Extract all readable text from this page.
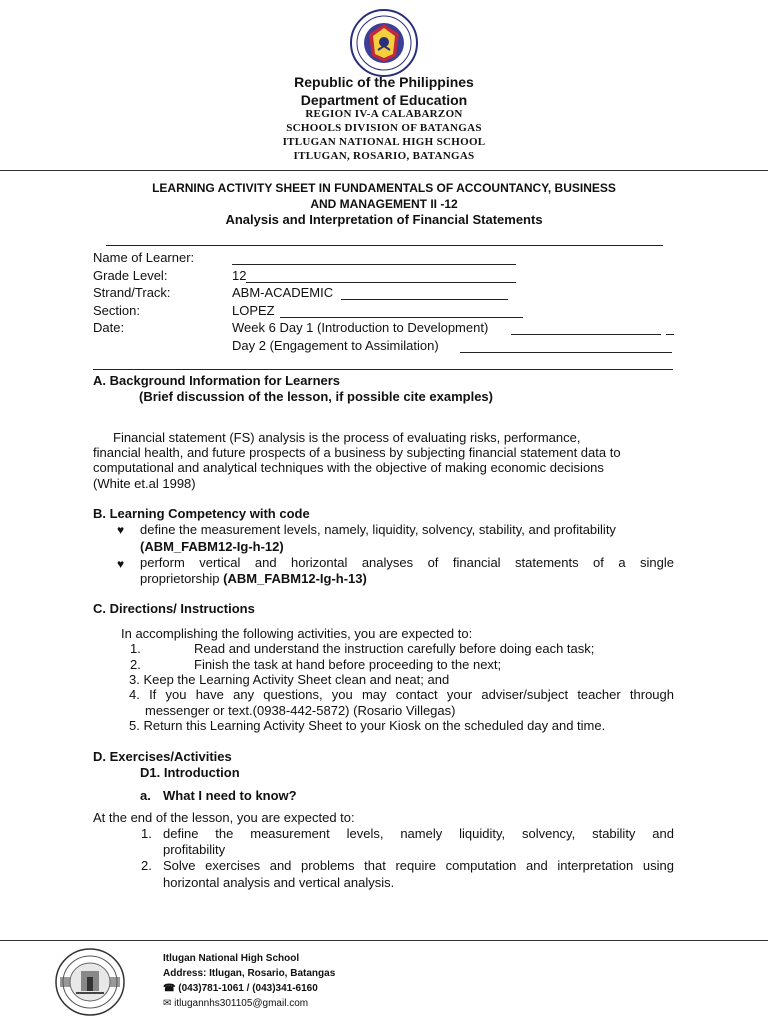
Republic of the Philippines
Department of Education
REGION IV-A CALABARZON
SCHOOLS DIVISION OF BATANGAS
ITLUGAN NATIONAL HIGH SCHOOL
ITLUGAN, ROSARIO, BATANGAS
LEARNING ACTIVITY SHEET IN FUNDAMENTALS OF ACCOUNTANCY, BUSINESS
AND MANAGEMENT II -12
Analysis and Interpretation of Financial Statements
Name of Learner:
Grade Level:	12
Strand/Track:	ABM-ACADEMIC
Section:	LOPEZ
Date:	Week 6 Day 1 (Introduction to Development)
Day 2 (Engagement to Assimilation)
A. Background Information for Learners
(Brief discussion of the lesson, if possible cite examples)
Financial statement (FS) analysis is the process of evaluating risks, performance,
financial health, and future prospects of a business by subjecting financial statement data to
computational and analytical techniques with the objective of making economic decisions
(White et.al 1998)
B. Learning Competency with code
♥ define the measurement levels, namely, liquidity, solvency, stability, and profitability
(ABM_FABM12-Ig-h-12)
♥ perform vertical and horizontal analyses of financial statements of a single
proprietorship (ABM_FABM12-Ig-h-13)
C. Directions/ Instructions
In accomplishing the following activities, you are expected to:
1.	Read and understand the instruction carefully before doing each task;
2.	Finish the task at hand before proceeding to the next;
3. Keep the Learning Activity Sheet clean and neat; and
4. If you have any questions, you may contact your adviser/subject teacher through
messenger or text.(0938-442-5872) (Rosario Villegas)
5. Return this Learning Activity Sheet to your Kiosk on the scheduled day and time.
D. Exercises/Activities
D1. Introduction
a. What I need to know?
At the end of the lesson, you are expected to:
1. define the measurement levels, namely liquidity, solvency, stability and
profitability
2. Solve exercises and problems that require computation and interpretation using
horizontal analysis and vertical analysis.
Itlugan National High School
Address: Itlugan, Rosario, Batangas
☎ (043)781-1061 / (043)341-6160
✉ itlugannhs301105@gmail.com
